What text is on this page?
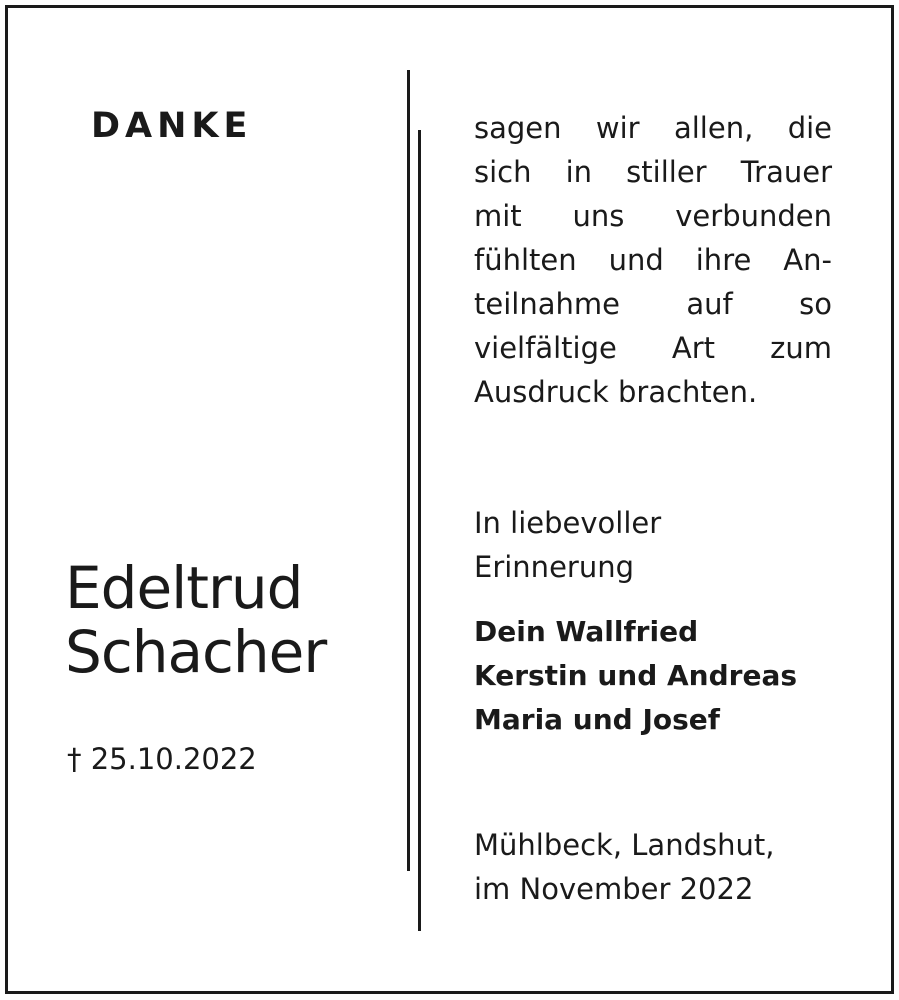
DANKE
Edeltrud
Schacher
† 25.10.2022
sagen wir allen, die
sich in stiller Trauer
mit uns verbunden
fühlten und ihre An-
teilnahme auf so
vielfältige Art zum
Ausdruck brachten.
In liebevoller
Erinnerung
Dein Wallfried
Kerstin und Andreas
Maria und Josef
Mühlbeck, Landshut,
im November 2022
